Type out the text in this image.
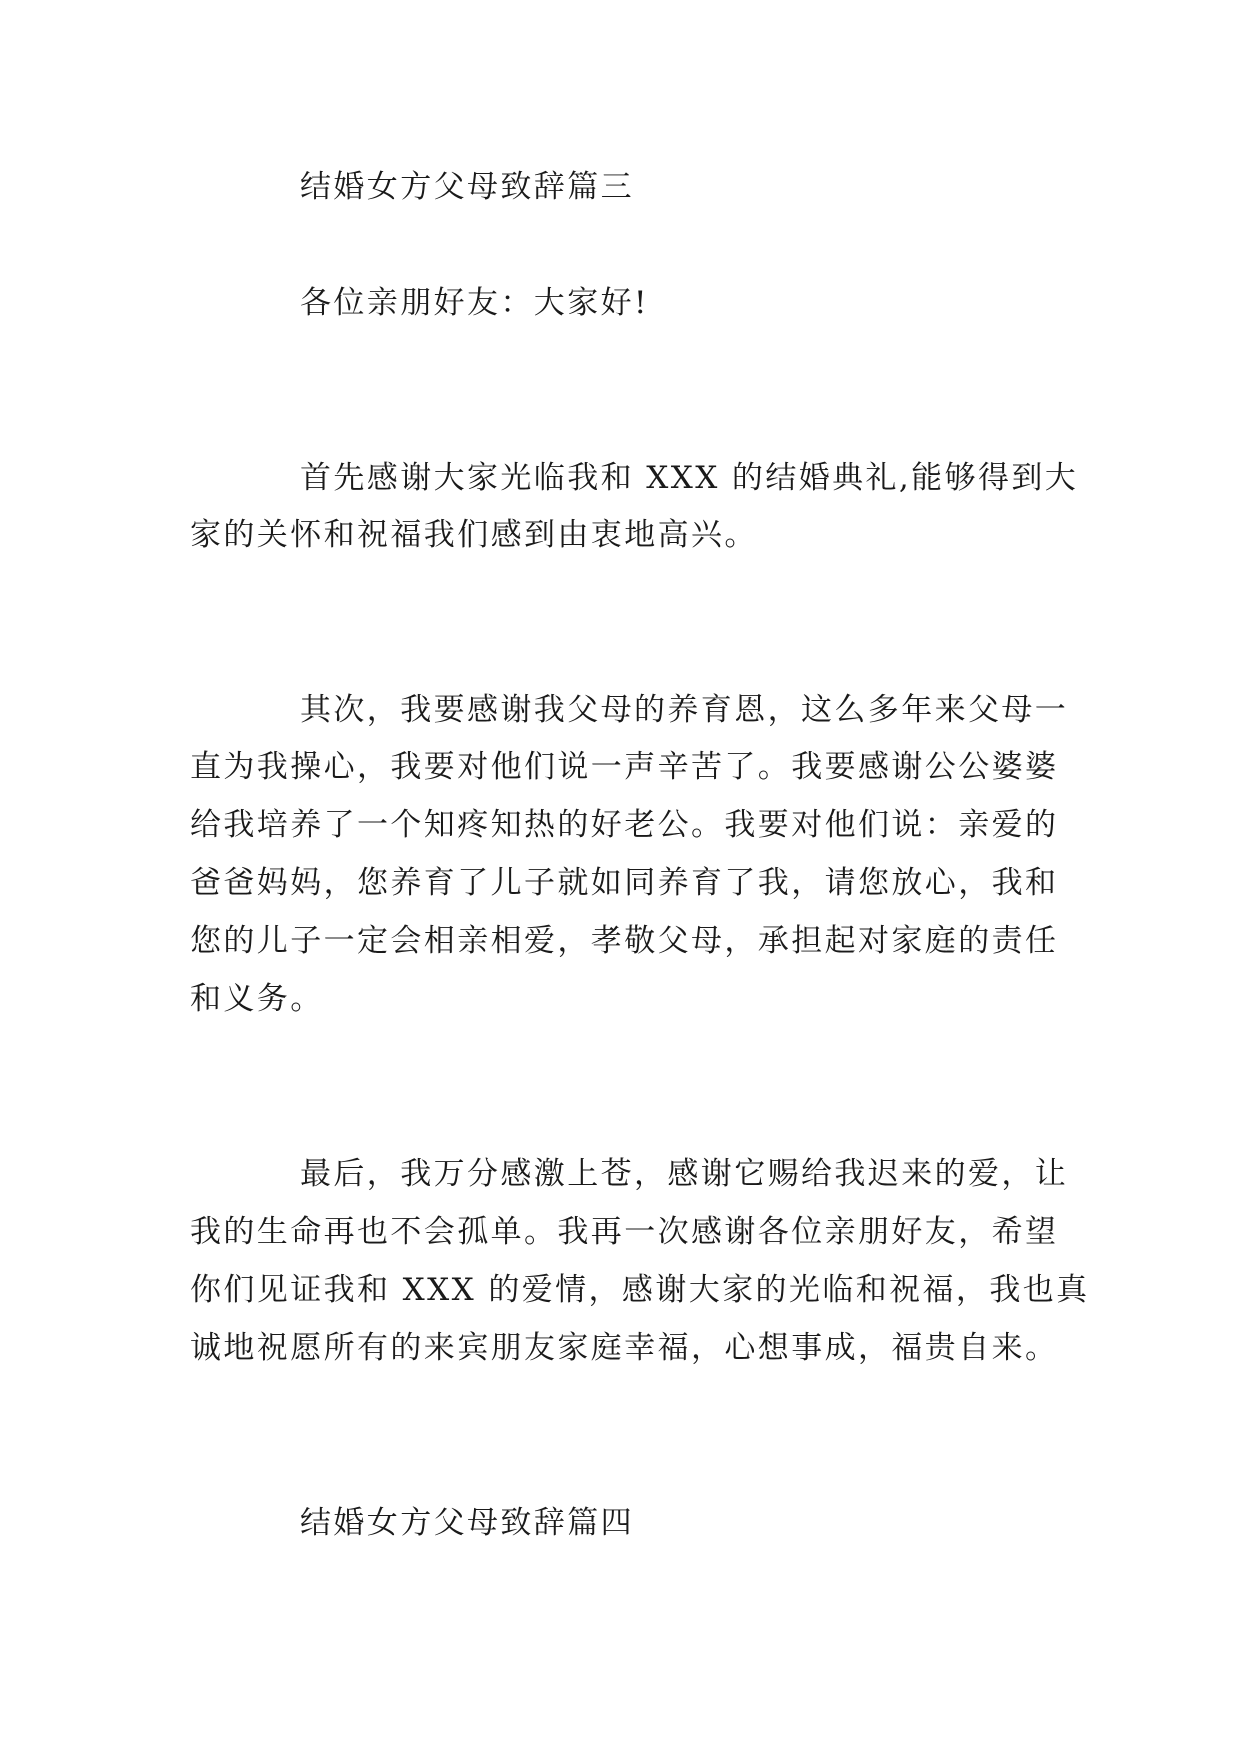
结婚女方父母致辞篇三
各位亲朋好友：大家好!
首先感谢大家光临我和 XXX 的结婚典礼,能够得到大
家的关怀和祝福我们感到由衷地高兴。
其次，我要感谢我父母的养育恩，这么多年来父母一
直为我操心，我要对他们说一声辛苦了。我要感谢公公婆婆
给我培养了一个知疼知热的好老公。我要对他们说：亲爱的
爸爸妈妈，您养育了儿子就如同养育了我，请您放心，我和
您的儿子一定会相亲相爱，孝敬父母，承担起对家庭的责任
和义务。
最后，我万分感激上苍，感谢它赐给我迟来的爱，让
我的生命再也不会孤单。我再一次感谢各位亲朋好友，希望
你们见证我和 XXX 的爱情，感谢大家的光临和祝福，我也真
诚地祝愿所有的来宾朋友家庭幸福，心想事成，福贵自来。
结婚女方父母致辞篇四
